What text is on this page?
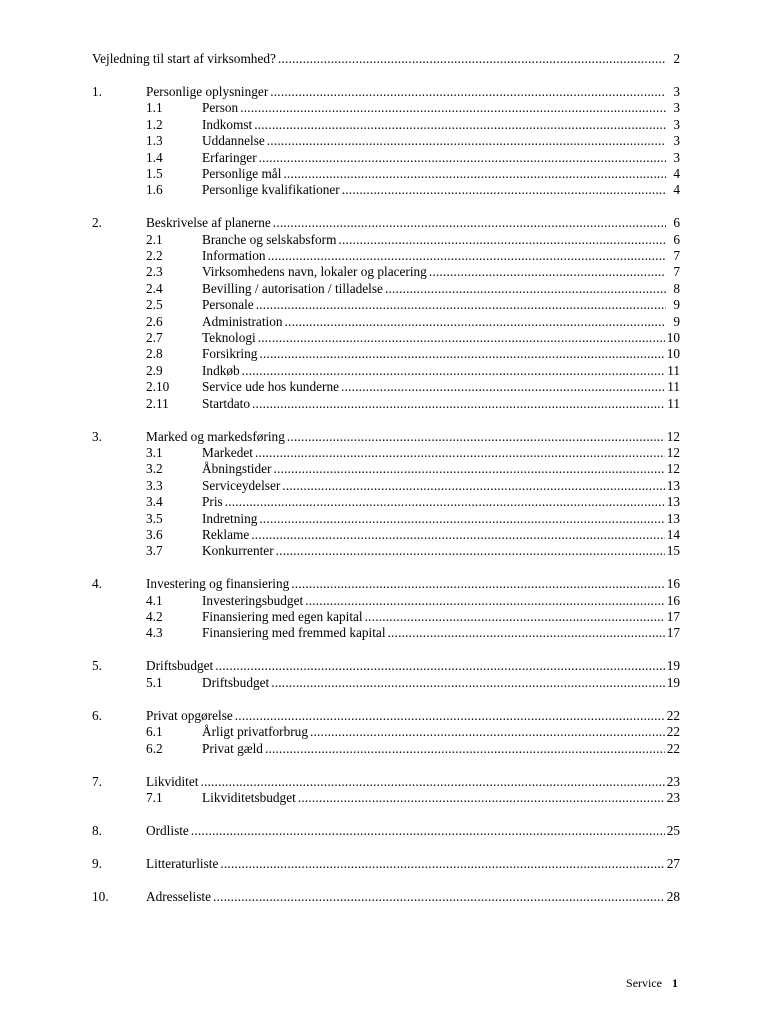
Vejledning til start af virksomhed? .....	2
1.	Personlige oplysninger .....	3
1.1	Person .....	3
1.2	Indkomst .....	3
1.3	Uddannelse .....	3
1.4	Erfaringer .....	3
1.5	Personlige mål .....	4
1.6	Personlige kvalifikationer .....	4
2.	Beskrivelse af planerne .....	6
2.1	Branche og selskabsform .....	6
2.2	Information .....	7
2.3	Virksomhedens navn, lokaler og placering .....	7
2.4	Bevilling / autorisation / tilladelse .....	8
2.5	Personale .....	9
2.6	Administration .....	9
2.7	Teknologi .....	10
2.8	Forsikring .....	10
2.9	Indkøb .....	11
2.10 Service ude hos kunderne .....	11
2.11 Startdato .....	11
3.	Marked og markedsføring .....	12
3.1	Markedet .....	12
3.2	Åbningstider .....	12
3.3	Serviceydelser .....	13
3.4	Pris .....	13
3.5	Indretning .....	13
3.6	Reklame .....	14
3.7	Konkurrenter .....	15
4.	Investering og finansiering .....	16
4.1	Investeringsbudget .....	16
4.2	Finansiering med egen kapital .....	17
4.3	Finansiering med fremmed kapital .....	17
5.	Driftsbudget .....	19
5.1	Driftsbudget .....	19
6.	Privat opgørelse .....	22
6.1	Årligt privatforbrug .....	22
6.2	Privat gæld .....	22
7.	Likviditet .....	23
7.1	Likviditetsbudget .....	23
8.	Ordliste .....	25
9.	Litteraturliste .....	27
10.	Adresseliste .....	28
Service 1
